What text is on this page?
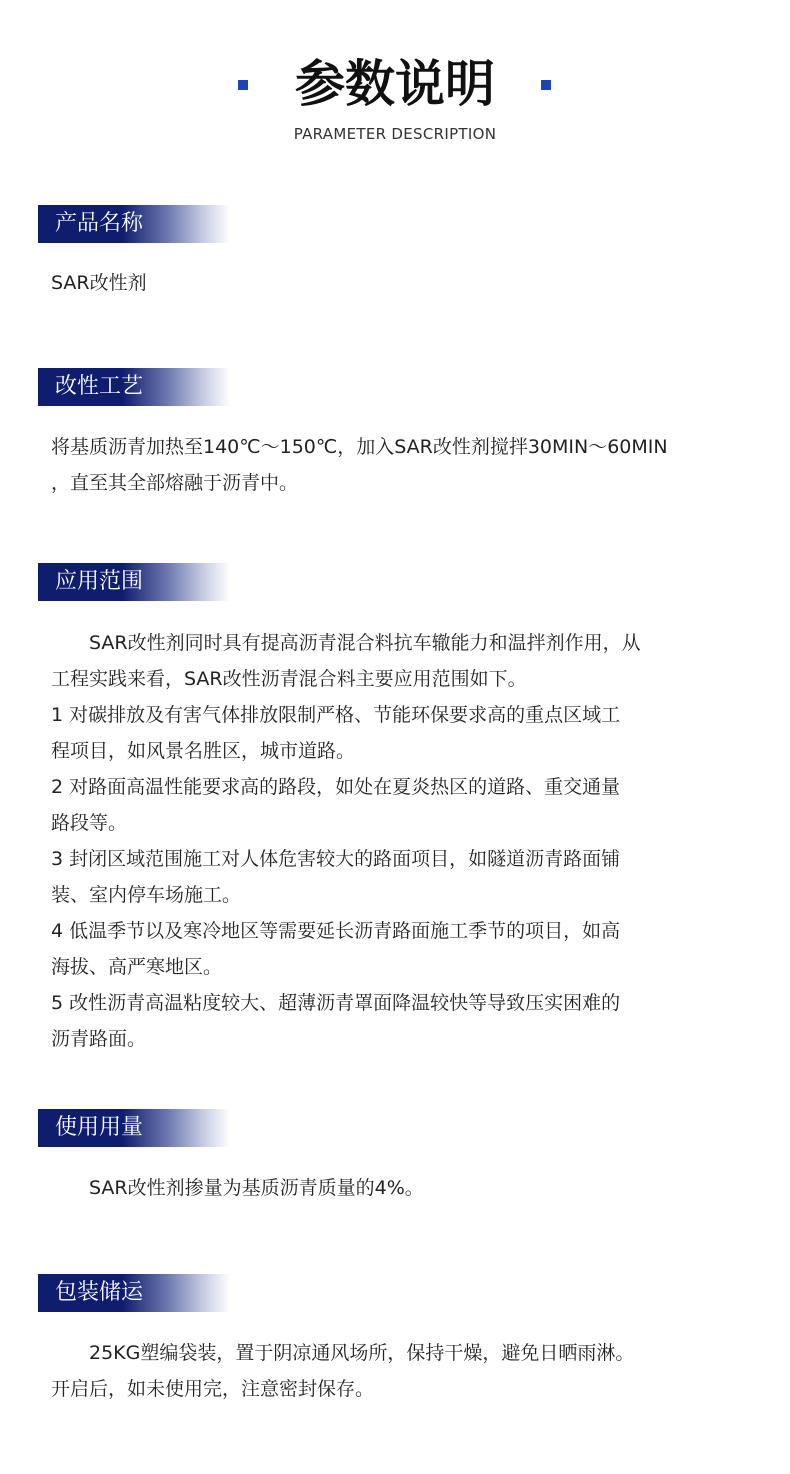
参数说明
PARAMETER DESCRIPTION
产品名称

SAR改性剂

改性工艺

将基质沥青加热至140℃～150℃，加入SAR改性剂搅拌30MIN～60MIN

，直至其全部熔融于沥青中。

应用范围

　　SAR改性剂同时具有提高沥青混合料抗车辙能力和温拌剂作用，从

工程实践来看，SAR改性沥青混合料主要应用范围如下。

1 对碳排放及有害气体排放限制严格、节能环保要求高的重点区域工

程项目，如风景名胜区，城市道路。

2 对路面高温性能要求高的路段，如处在夏炎热区的道路、重交通量

路段等。

3 封闭区域范围施工对人体危害较大的路面项目，如隧道沥青路面铺

装、室内停车场施工。

4 低温季节以及寒冷地区等需要延长沥青路面施工季节的项目，如高

海拔、高严寒地区。

5 改性沥青高温粘度较大、超薄沥青罩面降温较快等导致压实困难的

沥青路面。

使用用量

　　SAR改性剂掺量为基质沥青质量的4%。

包装储运

　　25KG塑编袋装，置于阴凉通风场所，保持干燥，避免日晒雨淋。

开启后，如未使用完，注意密封保存。
